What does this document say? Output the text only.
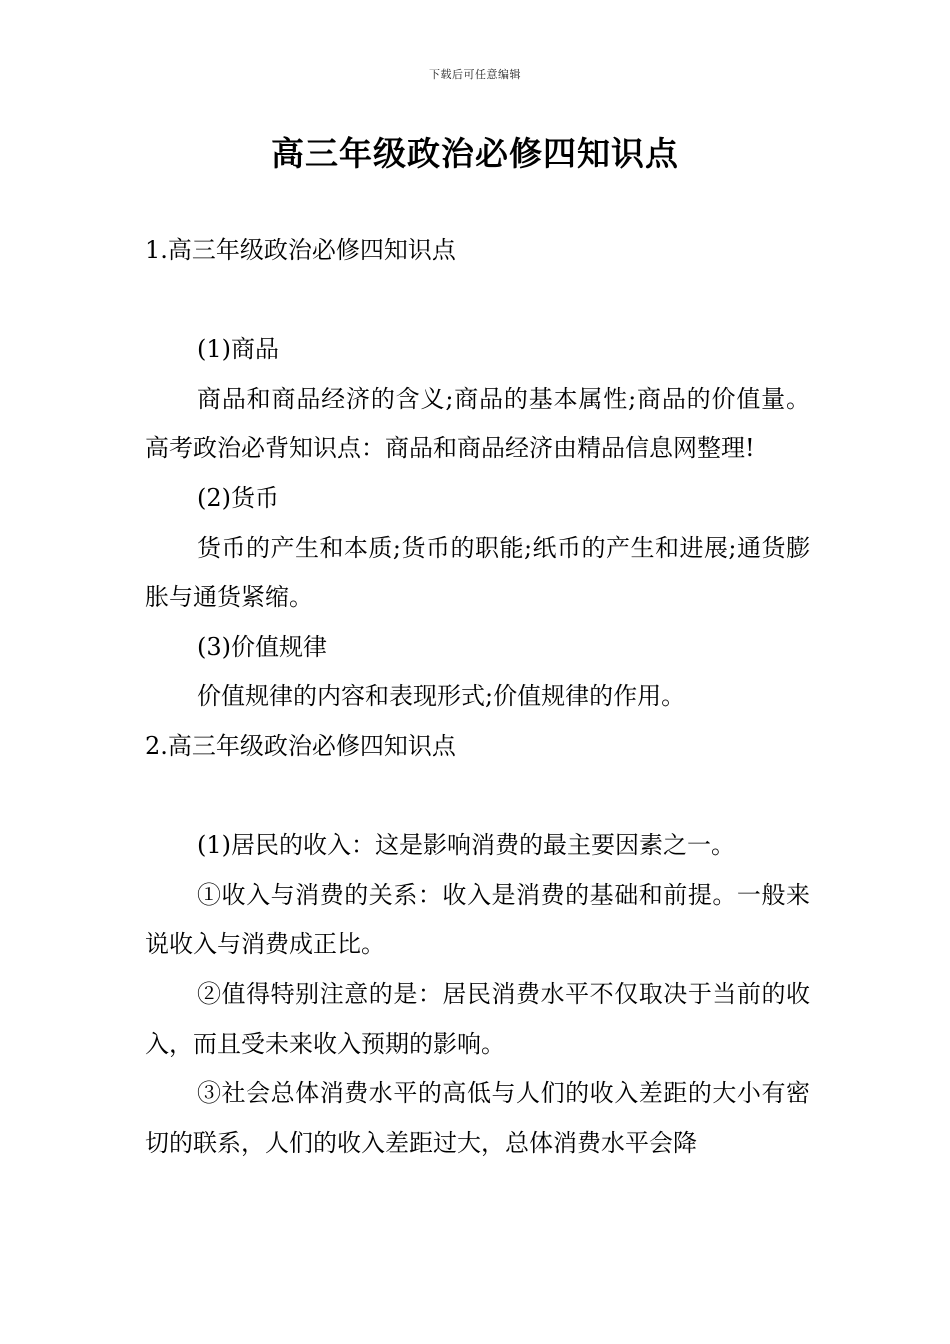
下载后可任意编辑
高三年级政治必修四知识点

1.高三年级政治必修四知识点

(1)商品

商品和商品经济的含义;商品的基本属性;商品的价值量。高考政治必背知识点：商品和商品经济由精品信息网整理!

(2)货币

货币的产生和本质;货币的职能;纸币的产生和进展;通货膨胀与通货紧缩。

(3)价值规律

价值规律的内容和表现形式;价值规律的作用。

2.高三年级政治必修四知识点

(1)居民的收入：这是影响消费的最主要因素之一。

①收入与消费的关系：收入是消费的基础和前提。一般来说收入与消费成正比。

②值得特别注意的是：居民消费水平不仅取决于当前的收入，而且受未来收入预期的影响。

③社会总体消费水平的高低与人们的收入差距的大小有密切的联系，人们的收入差距过大，总体消费水平会降
